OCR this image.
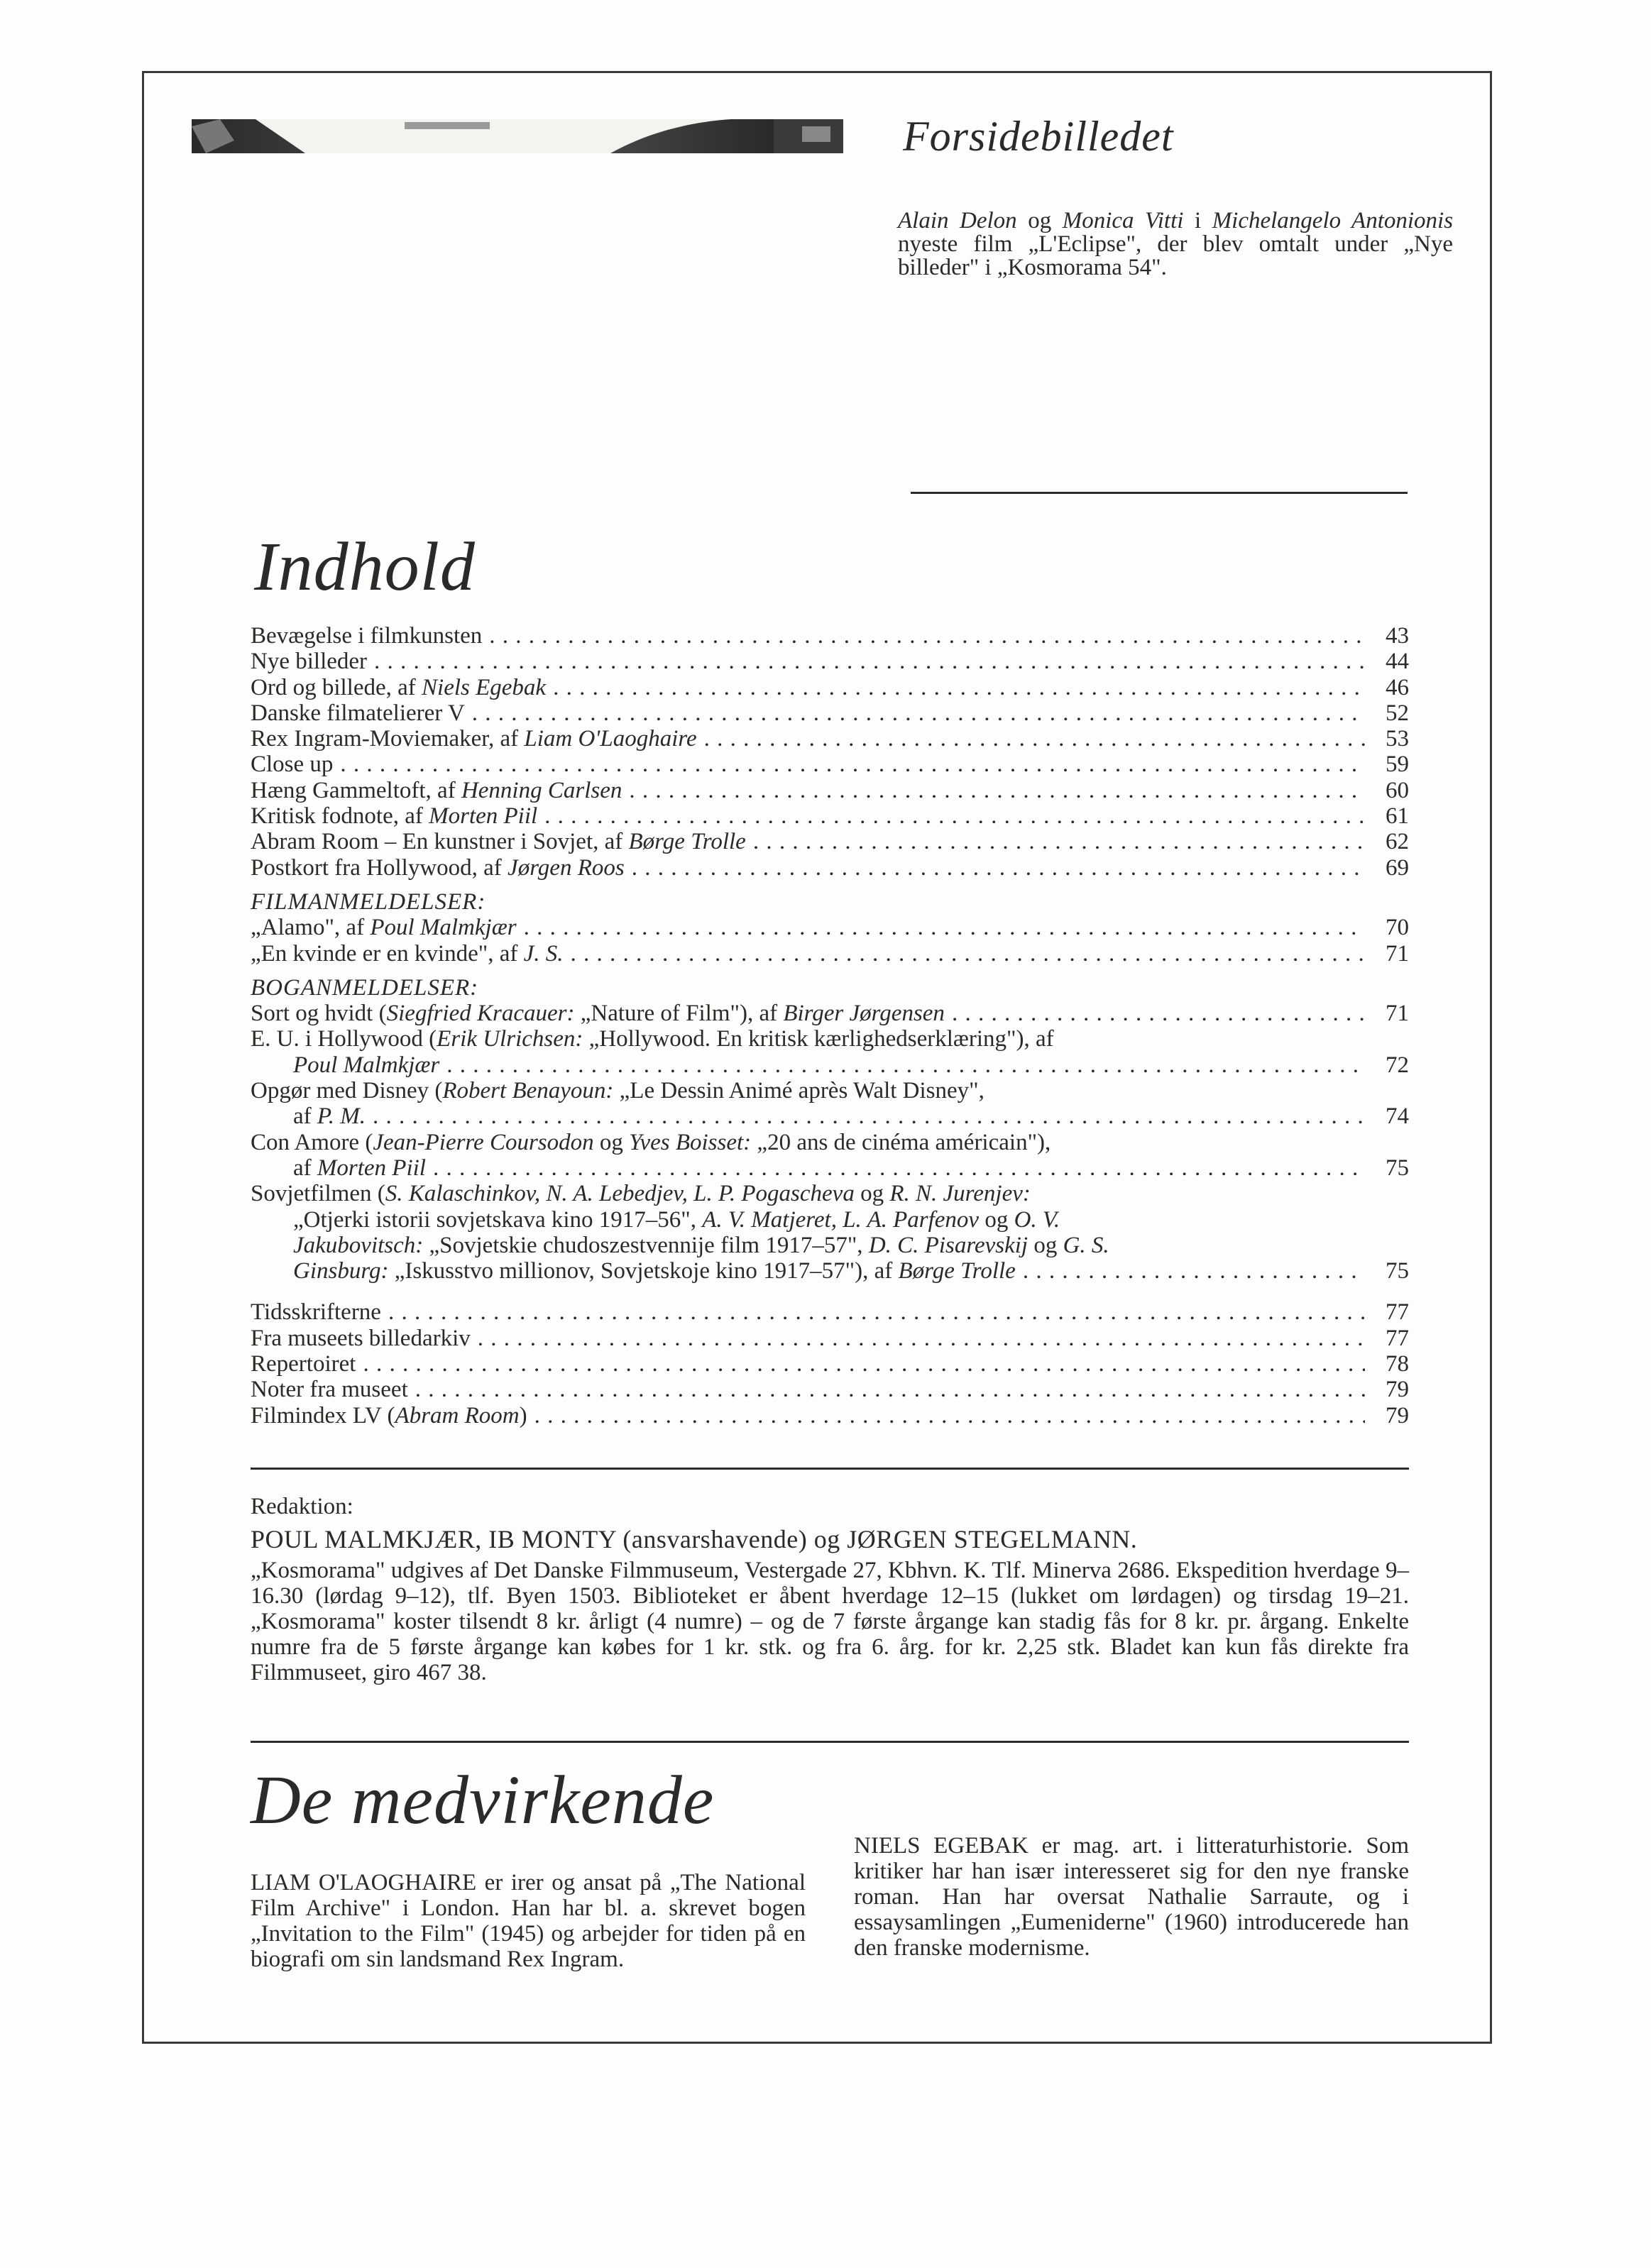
Forsidebilledet
Alain Delon og Monica Vitti i Michelangelo Antonionis nyeste film „L'Eclipse", der blev omtalt under „Nye billeder" i „Kosmorama 54".
Indhold
Bevægelse i filmkunsten . . .	43
Nye billeder . . .	44
Ord og billede, af Niels Egebak . . .	46
Danske filmatelierer V . . .	52
Rex Ingram-Moviemaker, af Liam O'Laoghaire . . .	53
Close up . . .	59
Hæng Gammeltoft, af Henning Carlsen . . .	60
Kritisk fodnote, af Morten Piil . . .	61
Abram Room – En kunstner i Sovjet, af Børge Trolle . . .	62
Postkort fra Hollywood, af Jørgen Roos . . .	69
FILMANMELDELSER:
„Alamo", af Poul Malmkjær . . .	70
„En kvinde er en kvinde", af J. S. . . .	71
BOGANMELDELSER:
Sort og hvidt (Siegfried Kracauer: „Nature of Film"), af Birger Jørgensen . . .	71
E. U. i Hollywood (Erik Ulrichsen: „Hollywood. En kritisk kærlighedserklæring"), af
Poul Malmkjær . . .	72
Opgør med Disney (Robert Benayoun: „Le Dessin Animé après Walt Disney",
af P. M. . . .	74
Con Amore (Jean-Pierre Coursodon og Yves Boisset: „20 ans de cinéma américain"),
af Morten Piil . . .	75
Sovjetfilmen (S. Kalaschinkov, N. A. Lebedjev, L. P. Pogascheva og R. N. Jurenjev:
„Otjerki istorii sovjetskava kino 1917–56", A. V. Matjeret, L. A. Parfenov og O. V.
Jakubovitsch: „Sovjetskie chudoszestvennije film 1917–57", D. C. Pisarevskij og G. S.
Ginsburg: „Iskusstvo millionov, Sovjetskoje kino 1917–57"), af Børge Trolle . . .	75
Tidsskrifterne . . .	77
Fra museets billedarkiv . . .	77
Repertoiret . . .	78
Noter fra museet . . .	79
Filmindex LV (Abram Room) . . .	79
Redaktion:
POUL MALMKJÆR, IB MONTY (ansvarshavende) og JØRGEN STEGELMANN.
„Kosmorama" udgives af Det Danske Filmmuseum, Vestergade 27, Kbhvn. K. Tlf. Minerva 2686. Ekspedition hverdage 9–16.30 (lørdag 9–12), tlf. Byen 1503. Biblioteket er åbent hverdage 12–15 (lukket om lørdagen) og tirsdag 19–21. „Kosmorama" koster tilsendt 8 kr. årligt (4 numre) – og de 7 første årgange kan stadig fås for 8 kr. pr. årgang. Enkelte numre fra de 5 første årgange kan købes for 1 kr. stk. og fra 6. årg. for kr. 2,25 stk. Bladet kan kun fås direkte fra Filmmuseet, giro 467 38.
De medvirkende
LIAM O'LAOGHAIRE er irer og ansat på „The National Film Archive" i London. Han har bl. a. skrevet bogen „Invitation to the Film" (1945) og arbejder for tiden på en biografi om sin landsmand Rex Ingram.
NIELS EGEBAK er mag. art. i litteraturhistorie. Som kritiker har han især interesseret sig for den nye franske roman. Han har oversat Nathalie Sarraute, og i essaysamlingen „Eumeniderne" (1960) introducerede han den franske modernisme.
